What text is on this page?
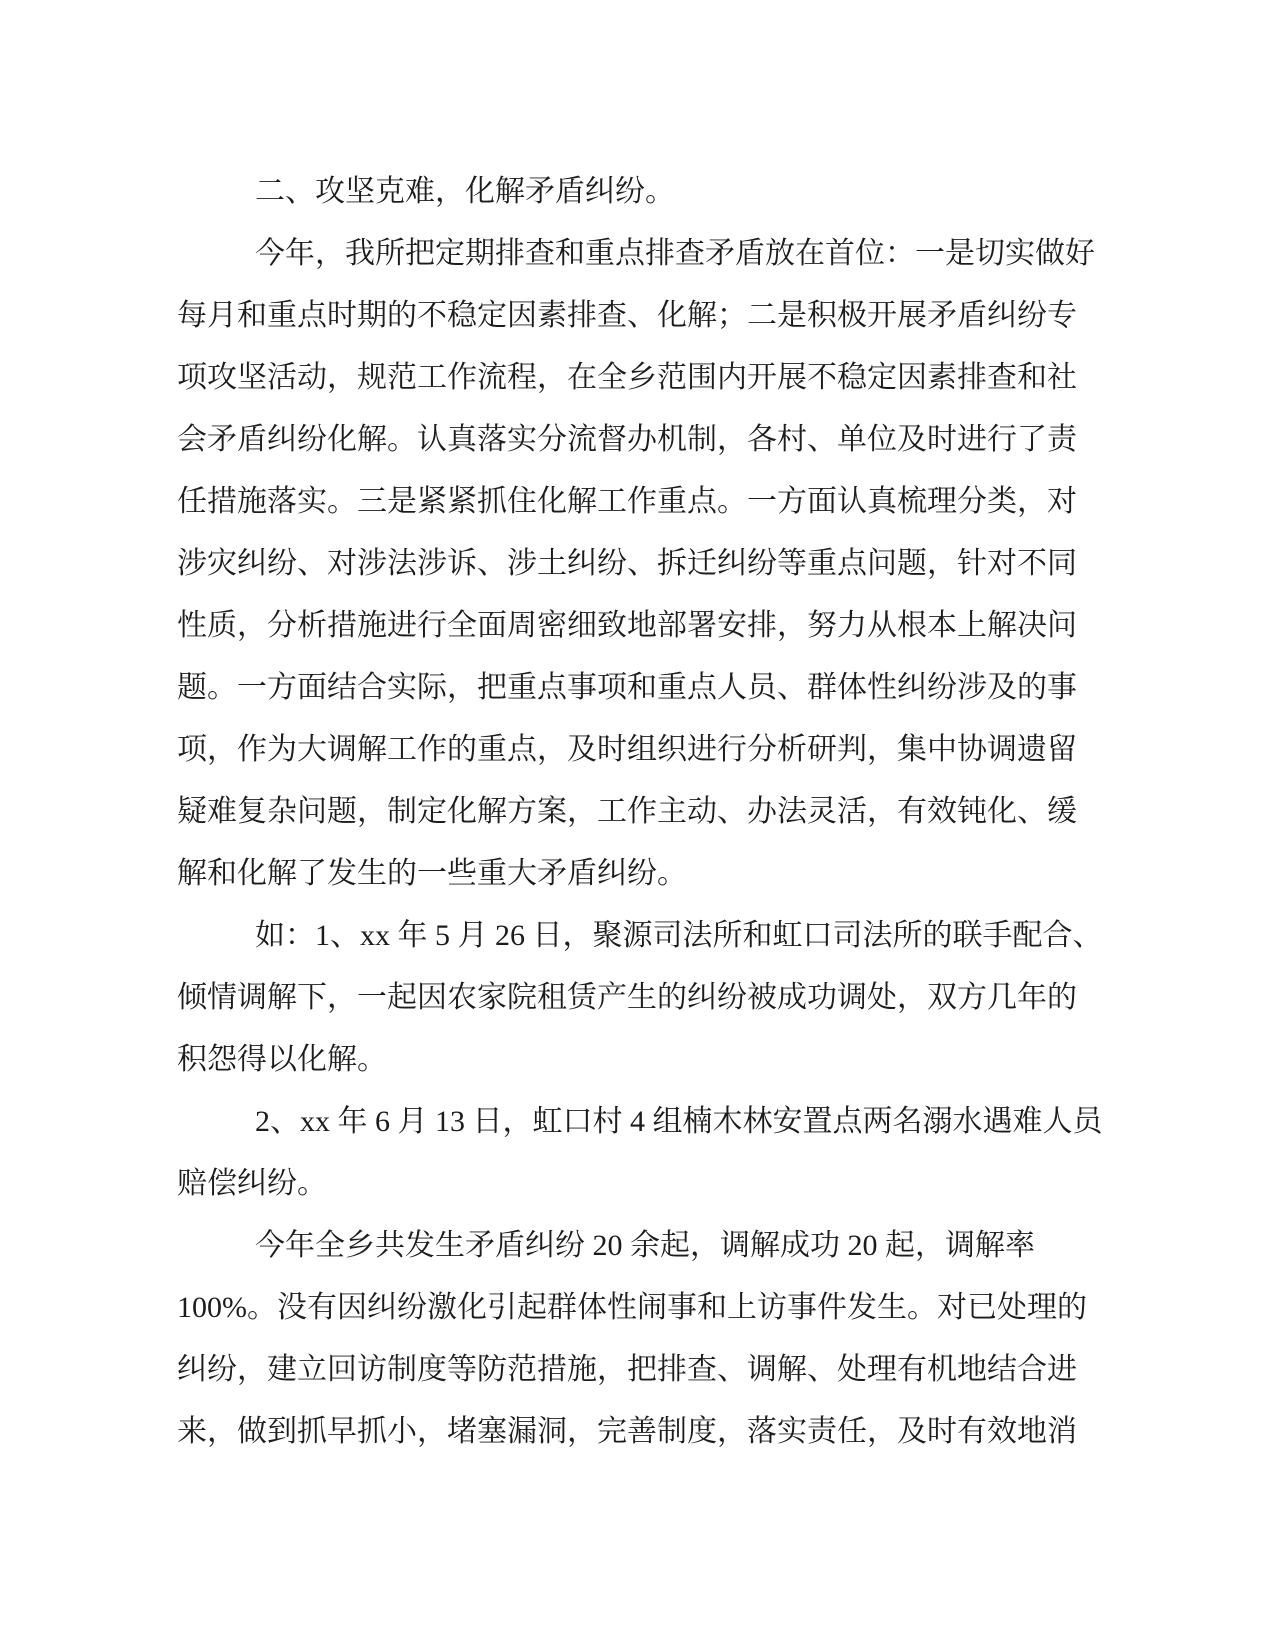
二、攻坚克难，化解矛盾纠纷。
今年，我所把定期排查和重点排查矛盾放在首位：一是切实做好
每月和重点时期的不稳定因素排查、化解；二是积极开展矛盾纠纷专
项攻坚活动，规范工作流程，在全乡范围内开展不稳定因素排查和社
会矛盾纠纷化解。认真落实分流督办机制，各村、单位及时进行了责
任措施落实。三是紧紧抓住化解工作重点。一方面认真梳理分类，对
涉灾纠纷、对涉法涉诉、涉土纠纷、拆迁纠纷等重点问题，针对不同
性质，分析措施进行全面周密细致地部署安排，努力从根本上解决问
题。一方面结合实际，把重点事项和重点人员、群体性纠纷涉及的事
项，作为大调解工作的重点，及时组织进行分析研判，集中协调遗留
疑难复杂问题，制定化解方案，工作主动、办法灵活，有效钝化、缓
解和化解了发生的一些重大矛盾纠纷。
如：1、xx 年 5 月 26 日，聚源司法所和虹口司法所的联手配合、
倾情调解下，一起因农家院租赁产生的纠纷被成功调处，双方几年的
积怨得以化解。
2、xx 年 6 月 13 日，虹口村 4 组楠木林安置点两名溺水遇难人员
赔偿纠纷。
今年全乡共发生矛盾纠纷 20 余起，调解成功 20 起，调解率
100%。没有因纠纷激化引起群体性闹事和上访事件发生。对已处理的
纠纷，建立回访制度等防范措施，把排查、调解、处理有机地结合进
来，做到抓早抓小，堵塞漏洞，完善制度，落实责任，及时有效地消
